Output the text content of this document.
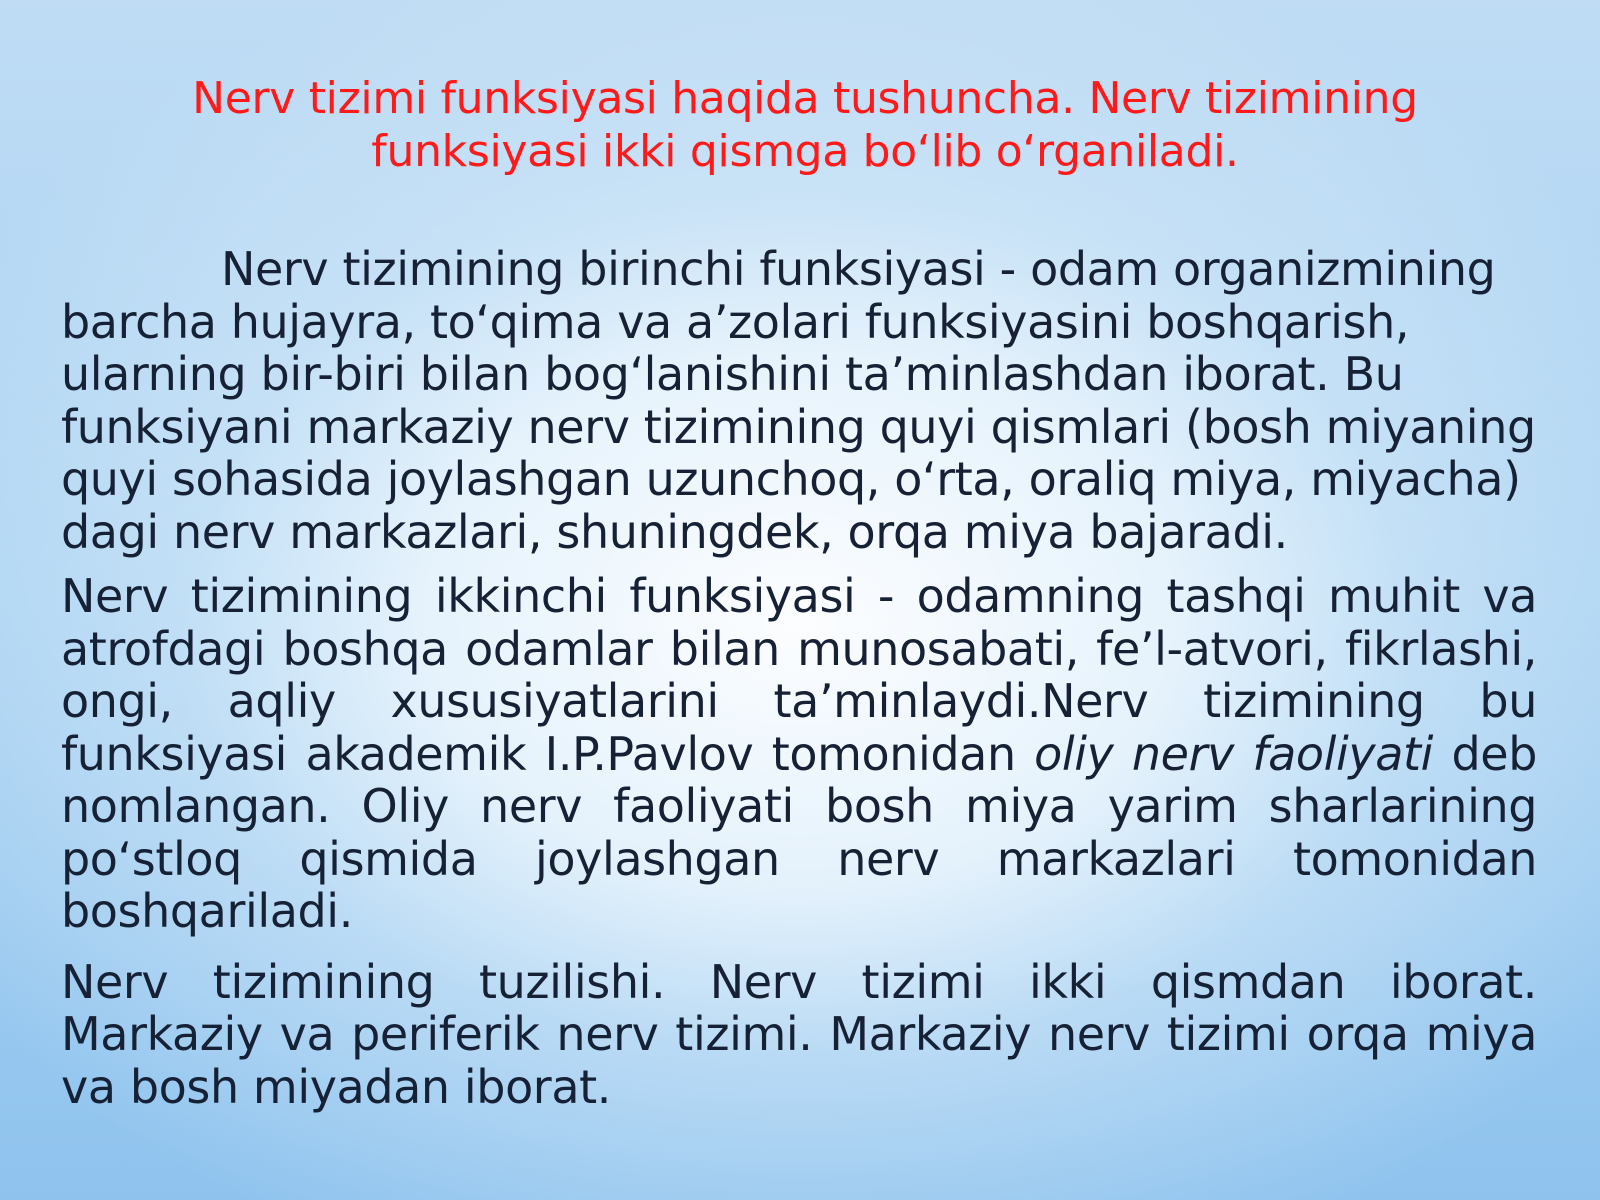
Nerv tizimi funksiyasi haqida tushuncha. Nerv tizimining funksiyasi ikki qismga bo‘lib o‘rganiladi.

Nerv tizimining birinchi funksiyasi - odam organizmining barcha hujayra, to‘qima va a’zolari funksiyasini boshqarish, ularning bir-biri bilan bog‘lanishini ta’minlashdan iborat. Bu funksiyani markaziy nerv tizimining quyi qismlari (bosh miyaning quyi sohasida joylashgan uzunchoq, o‘rta, oraliq miya, miyacha) dagi nerv markazlari, shuningdek, orqa miya bajaradi.

Nerv tizimining ikkinchi funksiyasi - odamning tashqi muhit va atrofdagi boshqa odamlar bilan munosabati, fe’l-atvori, fikrlashi, ongi, aqliy xususiyatlarini ta’minlaydi.Nerv tizimining bu funksiyasi akademik I.P.Pavlov tomonidan oliy nerv faoliyati deb nomlangan. Oliy nerv faoliyati bosh miya yarim sharlarining po‘stloq qismida joylashgan nerv markazlari tomonidan boshqariladi.

Nerv tizimining tuzilishi. Nerv tizimi ikki qismdan iborat. Markaziy va periferik nerv tizimi. Markaziy nerv tizimi orqa miya va bosh miyadan iborat.
